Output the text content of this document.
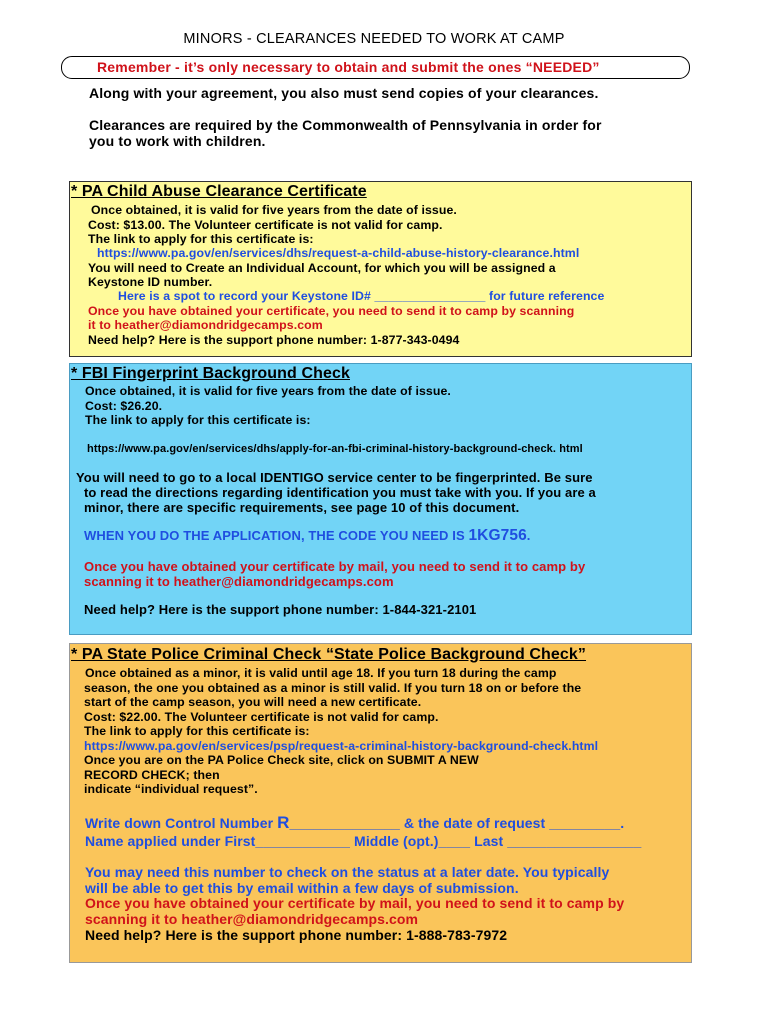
MINORS - CLEARANCES NEEDED TO WORK AT CAMP
Remember - it’s only necessary to obtain and submit the ones “NEEDED”
Along with your agreement, you also must send copies of your clearances.
Clearances are required by the Commonwealth of Pennsylvania in order for
you to work with children.
* PA Child Abuse Clearance Certificate
Once obtained, it is valid for five years from the date of issue.
Cost: $13.00. The Volunteer certificate is not valid for camp.
The link to apply for this certificate is:
https://www.pa.gov/en/services/dhs/request-a-child-abuse-history-clearance.html
You will need to Create an Individual Account, for which you will be assigned a
Keystone ID number.
Here is a spot to record your Keystone ID# ________________ for future reference
Once you have obtained your certificate, you need to send it to camp by scanning
it to heather@diamondridgecamps.com
Need help? Here is the support phone number: 1-877-343-0494
* FBI Fingerprint Background Check
Once obtained, it is valid for five years from the date of issue.
Cost: $26.20.
The link to apply for this certificate is:
https://www.pa.gov/en/services/dhs/apply-for-an-fbi-criminal-history-background-check. html
You will need to go to a local IDENTIGO service center to be fingerprinted. Be sure
to read the directions regarding identification you must take with you. If you are a
minor, there are specific requirements, see page 10 of this document.
WHEN YOU DO THE APPLICATION, THE CODE YOU NEED IS 1KG756.
Once you have obtained your certificate by mail, you need to send it to camp by
scanning it to heather@diamondridgecamps.com
Need help? Here is the support phone number: 1-844-321-2101
* PA State Police Criminal Check “State Police Background Check”
Once obtained as a minor, it is valid until age 18. If you turn 18 during the camp
season, the one you obtained as a minor is still valid. If you turn 18 on or before the
start of the camp season, you will need a new certificate.
Cost: $22.00. The Volunteer certificate is not valid for camp.
The link to apply for this certificate is:
https://www.pa.gov/en/services/psp/request-a-criminal-history-background-check.html
Once you are on the PA Police Check site, click on SUBMIT A NEW
RECORD CHECK; then
indicate “individual request”.
Write down Control Number R______________ & the date of request _________.
Name applied under First____________ Middle (opt.)____ Last _________________
You may need this number to check on the status at a later date. You typically
will be able to get this by email within a few days of submission.
Once you have obtained your certificate by mail, you need to send it to camp by
scanning it to heather@diamondridgecamps.com
Need help? Here is the support phone number: 1-888-783-7972
